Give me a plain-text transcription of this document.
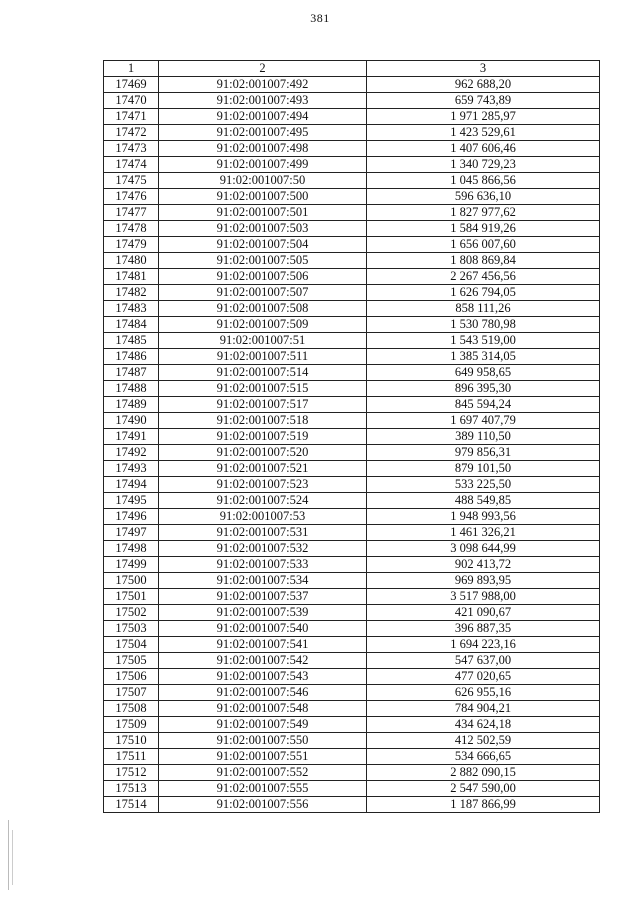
381
1	2	3
17469	91:02:001007:492	962 688,20
17470	91:02:001007:493	659 743,89
17471	91:02:001007:494	1 971 285,97
17472	91:02:001007:495	1 423 529,61
17473	91:02:001007:498	1 407 606,46
17474	91:02:001007:499	1 340 729,23
17475	91:02:001007:50	1 045 866,56
17476	91:02:001007:500	596 636,10
17477	91:02:001007:501	1 827 977,62
17478	91:02:001007:503	1 584 919,26
17479	91:02:001007:504	1 656 007,60
17480	91:02:001007:505	1 808 869,84
17481	91:02:001007:506	2 267 456,56
17482	91:02:001007:507	1 626 794,05
17483	91:02:001007:508	858 111,26
17484	91:02:001007:509	1 530 780,98
17485	91:02:001007:51	1 543 519,00
17486	91:02:001007:511	1 385 314,05
17487	91:02:001007:514	649 958,65
17488	91:02:001007:515	896 395,30
17489	91:02:001007:517	845 594,24
17490	91:02:001007:518	1 697 407,79
17491	91:02:001007:519	389 110,50
17492	91:02:001007:520	979 856,31
17493	91:02:001007:521	879 101,50
17494	91:02:001007:523	533 225,50
17495	91:02:001007:524	488 549,85
17496	91:02:001007:53	1 948 993,56
17497	91:02:001007:531	1 461 326,21
17498	91:02:001007:532	3 098 644,99
17499	91:02:001007:533	902 413,72
17500	91:02:001007:534	969 893,95
17501	91:02:001007:537	3 517 988,00
17502	91:02:001007:539	421 090,67
17503	91:02:001007:540	396 887,35
17504	91:02:001007:541	1 694 223,16
17505	91:02:001007:542	547 637,00
17506	91:02:001007:543	477 020,65
17507	91:02:001007:546	626 955,16
17508	91:02:001007:548	784 904,21
17509	91:02:001007:549	434 624,18
17510	91:02:001007:550	412 502,59
17511	91:02:001007:551	534 666,65
17512	91:02:001007:552	2 882 090,15
17513	91:02:001007:555	2 547 590,00
17514	91:02:001007:556	1 187 866,99
